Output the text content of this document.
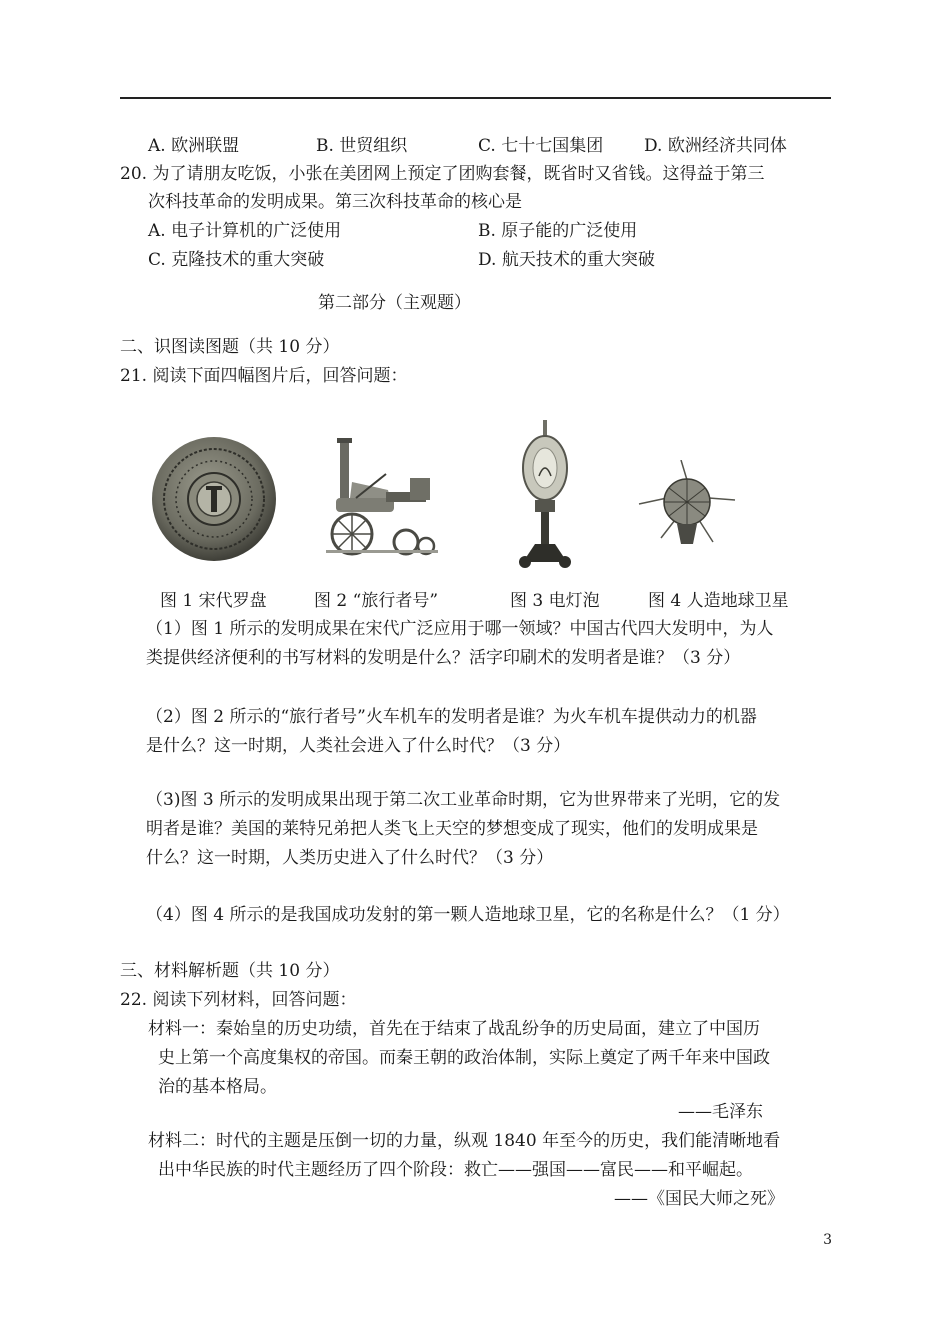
A. 欧洲联盟	B. 世贸组织	C. 七十七国集团 D. 欧洲经济共同体
20. 为了请朋友吃饭，小张在美团网上预定了团购套餐，既省时又省钱。这得益于第三
次科技革命的发明成果。第三次科技革命的核心是
A. 电子计算机的广泛使用	B. 原子能的广泛使用
C. 克隆技术的重大突破	D. 航天技术的重大突破
第二部分（主观题）
二、识图读图题（共 10 分）
21. 阅读下面四幅图片后，回答问题：
图 1 宋代罗盘	图 2 “旅行者号”	图 3 电灯泡	图 4 人造地球卫星
（1）图 1 所示的发明成果在宋代广泛应用于哪一领域？中国古代四大发明中，为人
类提供经济便利的书写材料的发明是什么？活字印刷术的发明者是谁？（3 分）
（2）图 2 所示的“旅行者号”火车机车的发明者是谁？为火车机车提供动力的机器
是什么？这一时期，人类社会进入了什么时代？（3 分）
（3)图 3 所示的发明成果出现于第二次工业革命时期，它为世界带来了光明，它的发
明者是谁？美国的莱特兄弟把人类飞上天空的梦想变成了现实，他们的发明成果是
什么？这一时期，人类历史进入了什么时代？（3 分）
（4）图 4 所示的是我国成功发射的第一颗人造地球卫星，它的名称是什么？（1 分）
三、材料解析题（共 10 分）
22. 阅读下列材料，回答问题：
材料一：秦始皇的历史功绩，首先在于结束了战乱纷争的历史局面，建立了中国历
史上第一个高度集权的帝国。而秦王朝的政治体制，实际上奠定了两千年来中国政
治的基本格局。
——毛泽东
材料二：时代的主题是压倒一切的力量，纵观 1840 年至今的历史，我们能清晰地看
出中华民族的时代主题经历了四个阶段：救亡——强国——富民——和平崛起。
——《国民大师之死》
3
